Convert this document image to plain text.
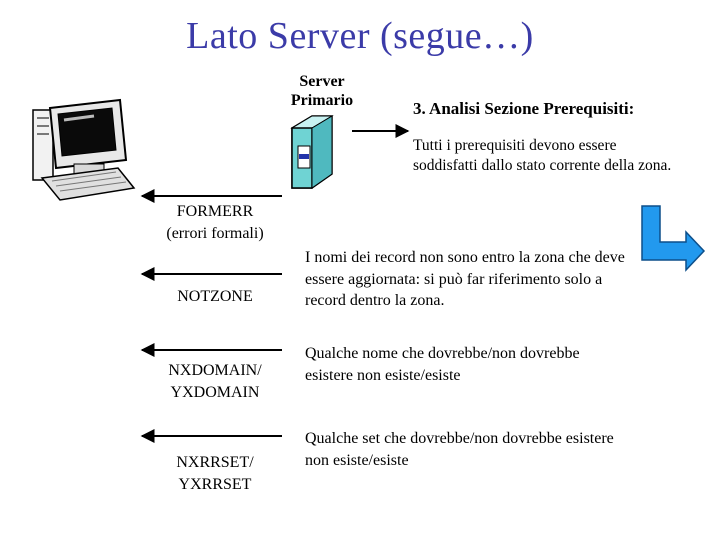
Lato Server (segue…)
Server
Primario	3. Analisi Sezione Prerequisiti:
Tutti i prerequisiti devono essere soddisfatti dallo stato corrente della zona.
FORMERR
(errori formali)
NOTZONE
NXDOMAIN/
YXDOMAIN
NXRRSET/
YXRRSET
I nomi dei record non sono entro la zona che deve essere aggiornata: si può far riferimento solo a record dentro la zona.
Qualche nome che dovrebbe/non dovrebbe esistere non esiste/esiste
Qualche set che dovrebbe/non dovrebbe esistere non esiste/esiste
